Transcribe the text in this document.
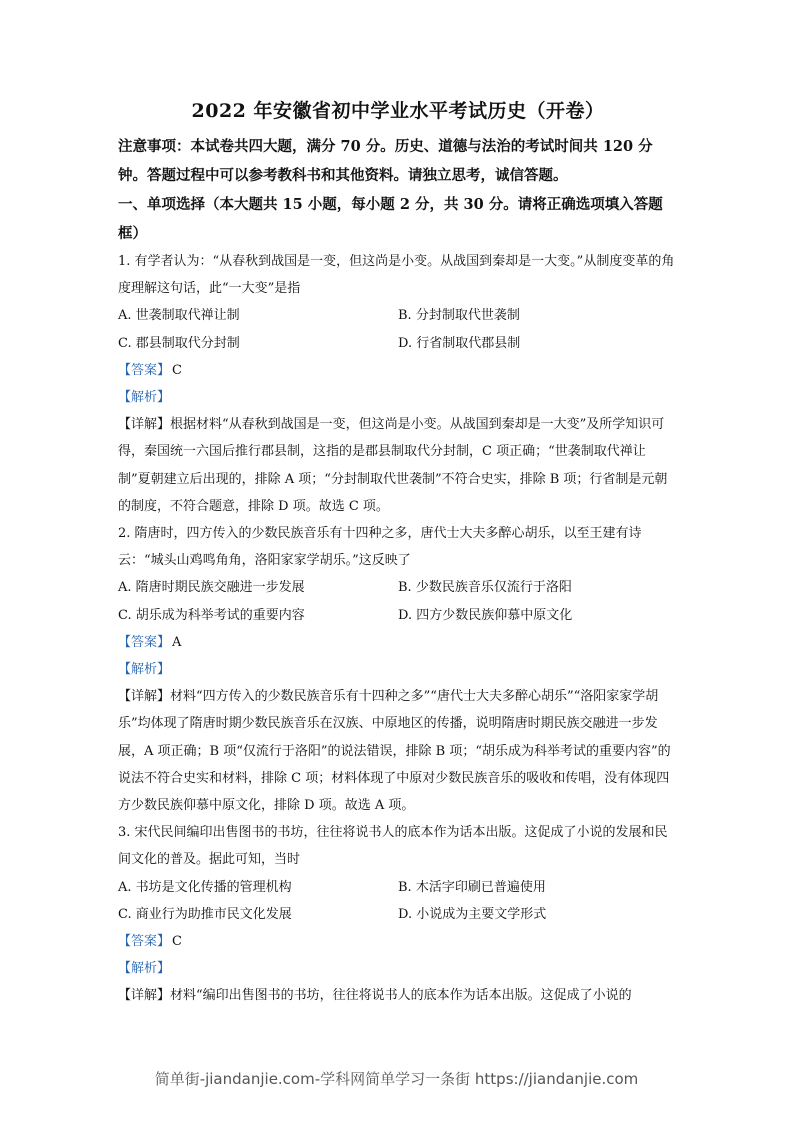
2022 年安徽省初中学业水平考试历史（开卷）
注意事项：本试卷共四大题，满分 70 分。历史、道德与法治的考试时间共 120 分钟。答题过程中可以参考教科书和其他资料。请独立思考，诚信答题。
一、单项选择（本大题共 15 小题，每小题 2 分，共 30 分。请将正确选项填入答题框）
1. 有学者认为：“从春秋到战国是一变，但这尚是小变。从战国到秦却是一大变。”从制度变革的角度理解这句话，此“一大变”是指
A. 世袭制取代禅让制	B. 分封制取代世袭制
C. 郡县制取代分封制	D. 行省制取代郡县制
【答案】 C
【解析】
【详解】根据材料“从春秋到战国是一变，但这尚是小变。从战国到秦却是一大变”及所学知识可得，秦国统一六国后推行郡县制，这指的是郡县制取代分封制，C 项正确；“世袭制取代禅让制”夏朝建立后出现的，排除 A 项；“分封制取代世袭制”不符合史实，排除 B 项；行省制是元朝的制度，不符合题意，排除 D 项。故选 C 项。
2. 隋唐时，四方传入的少数民族音乐有十四种之多，唐代士大夫多醉心胡乐，以至王建有诗云：“城头山鸡鸣角角，洛阳家家学胡乐。”这反映了
A. 隋唐时期民族交融进一步发展	B. 少数民族音乐仅流行于洛阳
C. 胡乐成为科举考试的重要内容	D. 四方少数民族仰慕中原文化
【答案】 A
【解析】
【详解】材料“四方传入的少数民族音乐有十四种之多”“唐代士大夫多醉心胡乐”“洛阳家家学胡乐”均体现了隋唐时期少数民族音乐在汉族、中原地区的传播，说明隋唐时期民族交融进一步发展，A 项正确；B 项“仅流行于洛阳”的说法错误，排除 B 项；“胡乐成为科举考试的重要内容”的说法不符合史实和材料，排除 C 项；材料体现了中原对少数民族音乐的吸收和传唱，没有体现四方少数民族仰慕中原文化，排除 D 项。故选 A 项。
3. 宋代民间编印出售图书的书坊，往往将说书人的底本作为话本出版。这促成了小说的发展和民间文化的普及。据此可知，当时
A. 书坊是文化传播的管理机构	B. 木活字印刷已普遍使用
C. 商业行为助推市民文化发展	D. 小说成为主要文学形式
【答案】 C
【解析】
【详解】材料“编印出售图书的书坊，往往将说书人的底本作为话本出版。这促成了小说的
简单街-jiandanjie.com-学科网简单学习一条街 https://jiandanjie.com
